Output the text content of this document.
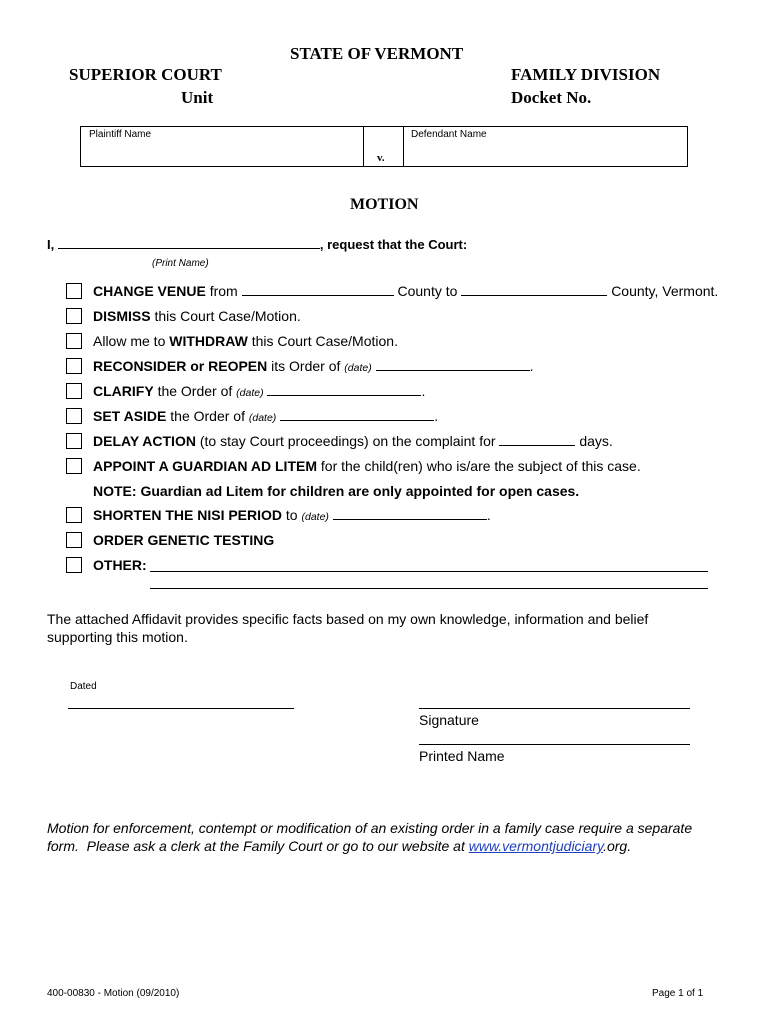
STATE OF VERMONT
SUPERIOR COURT
Unit
FAMILY DIVISION
Docket No.
Plaintiff Name
v.
Defendant Name
MOTION
I,	, request that the Court:
(Print Name)
CHANGE VENUE from	County to	County, Vermont.
DISMISS this Court Case/Motion.
Allow me to WITHDRAW this Court Case/Motion.
RECONSIDER or REOPEN its Order of (date)	.
CLARIFY the Order of (date)	.
SET ASIDE the Order of (date)	.
DELAY ACTION (to stay Court proceedings) on the complaint for	days.
APPOINT A GUARDIAN AD LITEM for the child(ren) who is/are the subject of this case.
NOTE: Guardian ad Litem for children are only appointed for open cases.
SHORTEN THE NISI PERIOD to (date)	.
ORDER GENETIC TESTING
OTHER:
The attached Affidavit provides specific facts based on my own knowledge, information and belief
supporting this motion.
Dated
Signature
Printed Name
Motion for enforcement, contempt or modification of an existing order in a family case require a separate
form.  Please ask a clerk at the Family Court or go to our website at www.vermontjudiciary.org.
400-00830 - Motion (09/2010)	Page 1 of 1
